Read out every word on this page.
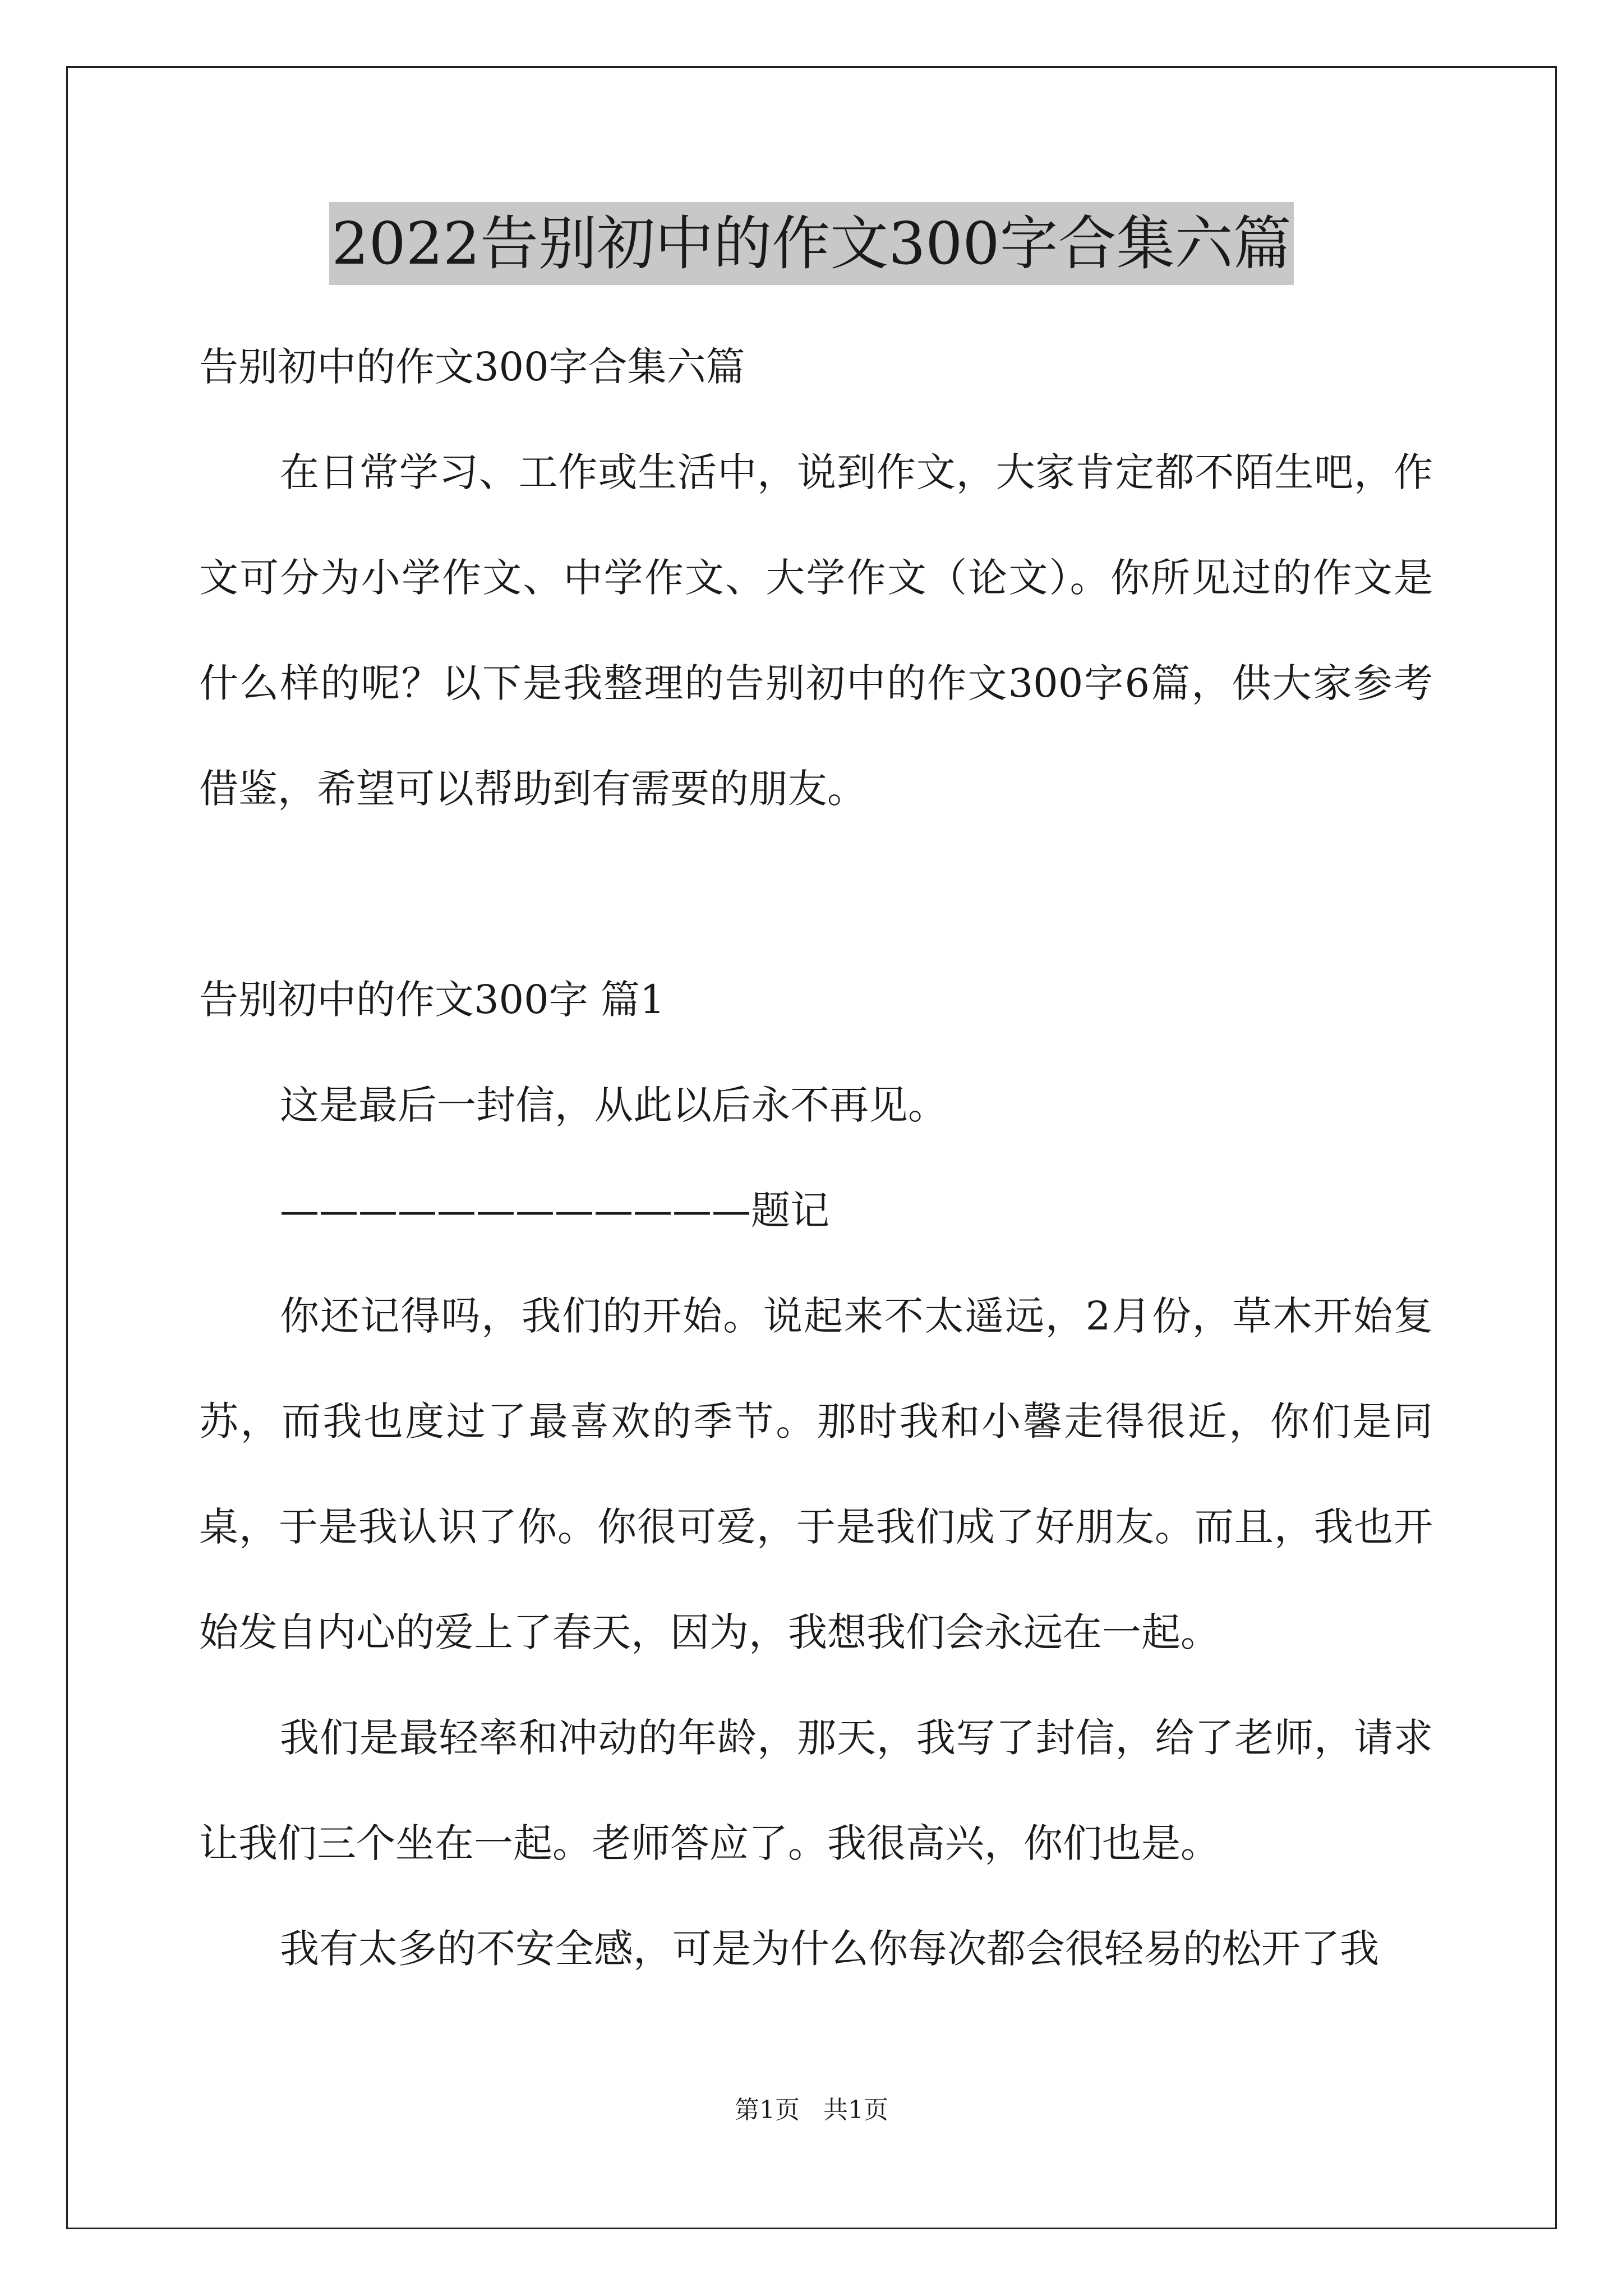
2022告别初中的作文300字合集六篇

告别初中的作文300字合集六篇

在日常学习、工作或生活中，说到作文，大家肯定都不陌生吧，作文可分为小学作文、中学作文、大学作文（论文）。你所见过的作文是什么样的呢？以下是我整理的告别初中的作文300字6篇，供大家参考借鉴，希望可以帮助到有需要的朋友。

告别初中的作文300字 篇1

这是最后一封信，从此以后永不再见。

————————————题记

你还记得吗，我们的开始。说起来不太遥远，2月份，草木开始复苏，而我也度过了最喜欢的季节。那时我和小馨走得很近，你们是同桌，于是我认识了你。你很可爱，于是我们成了好朋友。而且，我也开始发自内心的爱上了春天，因为，我想我们会永远在一起。

我们是最轻率和冲动的年龄，那天，我写了封信，给了老师，请求让我们三个坐在一起。老师答应了。我很高兴，你们也是。

我有太多的不安全感，可是为什么你每次都会很轻易的松开了我

第1页   共1页
